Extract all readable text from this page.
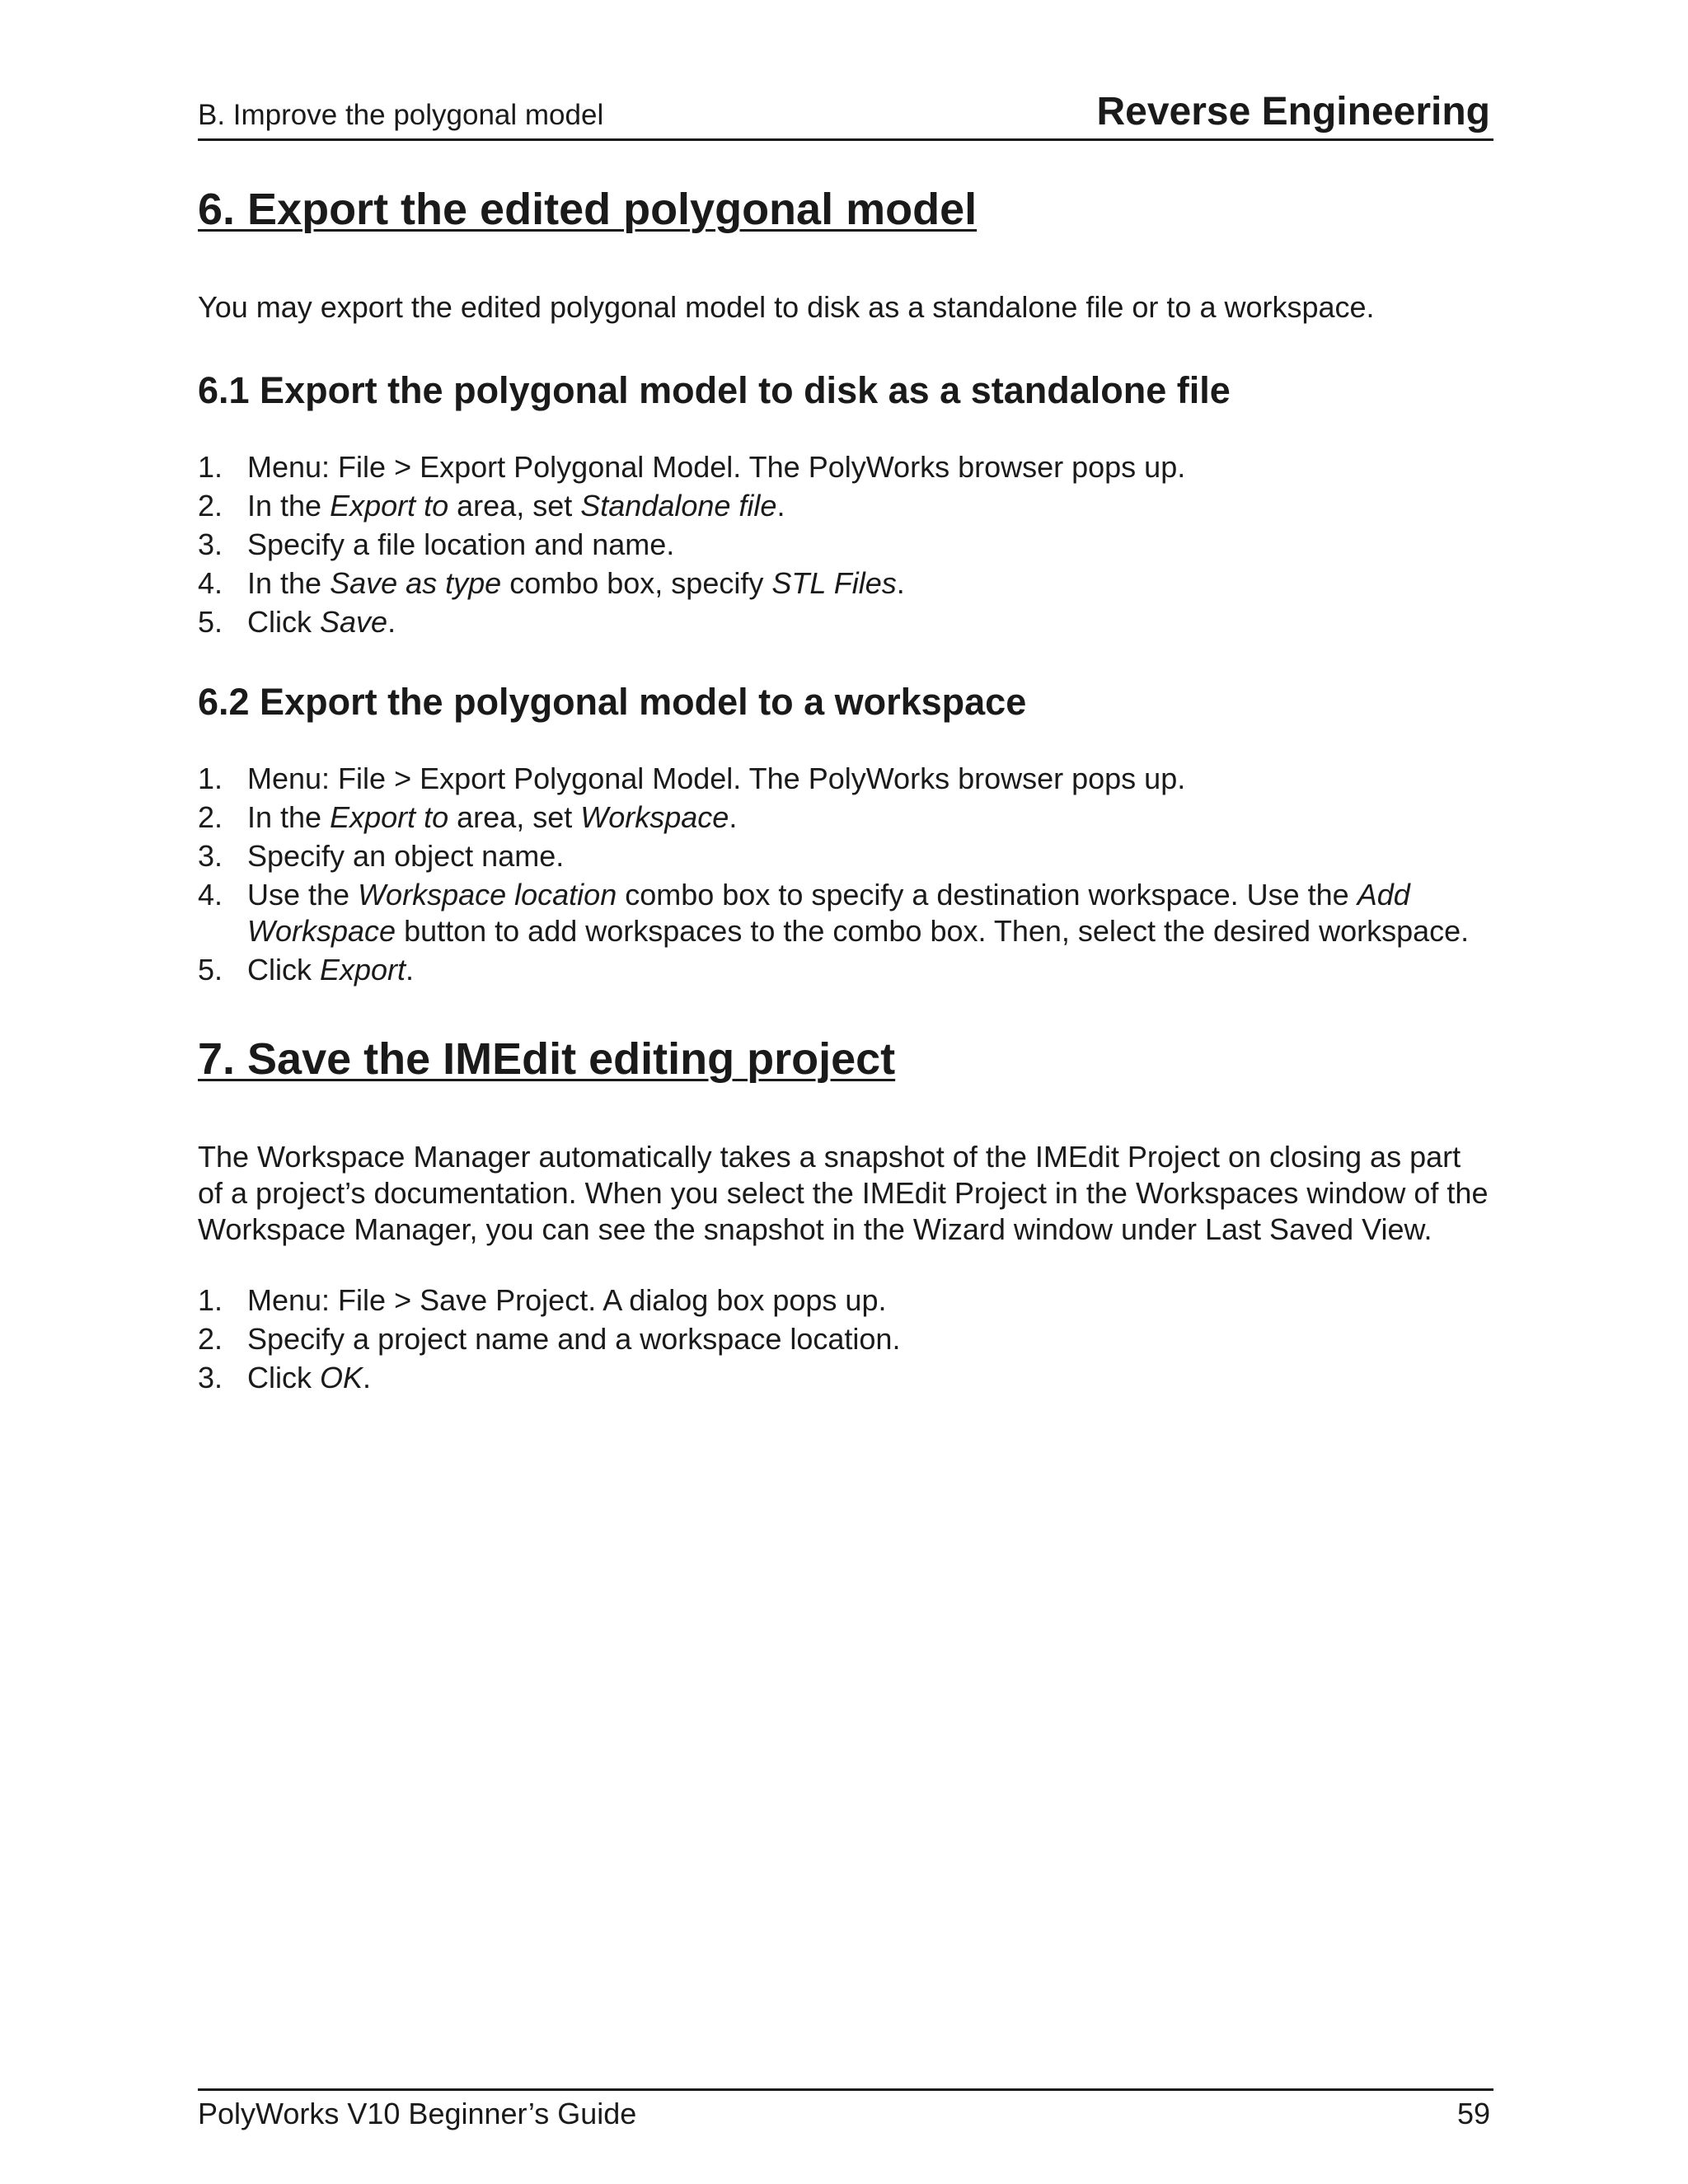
B. Improve the polygonal model	Reverse Engineering
6. Export the edited polygonal model

You may export the edited polygonal model to disk as a standalone file or to a workspace.

6.1 Export the polygonal model to disk as a standalone file
1. Menu: File > Export Polygonal Model. The PolyWorks browser pops up.
2. In the Export to area, set Standalone file.
3. Specify a file location and name.
4. In the Save as type combo box, specify STL Files.
5. Click Save.
6.2 Export the polygonal model to a workspace
1. Menu: File > Export Polygonal Model. The PolyWorks browser pops up.
2. In the Export to area, set Workspace.
3. Specify an object name.
4. Use the Workspace location combo box to specify a destination workspace. Use the Add Workspace button to add workspaces to the combo box. Then, select the desired workspace.
5. Click Export.
7. Save the IMEdit editing project

The Workspace Manager automatically takes a snapshot of the IMEdit Project on closing as part of a project’s documentation. When you select the IMEdit Project in the Workspaces window of the Workspace Manager, you can see the snapshot in the Wizard window under Last Saved View.

1. Menu: File > Save Project. A dialog box pops up.
2. Specify a project name and a workspace location.
3. Click OK.
PolyWorks V10 Beginner’s Guide	59
